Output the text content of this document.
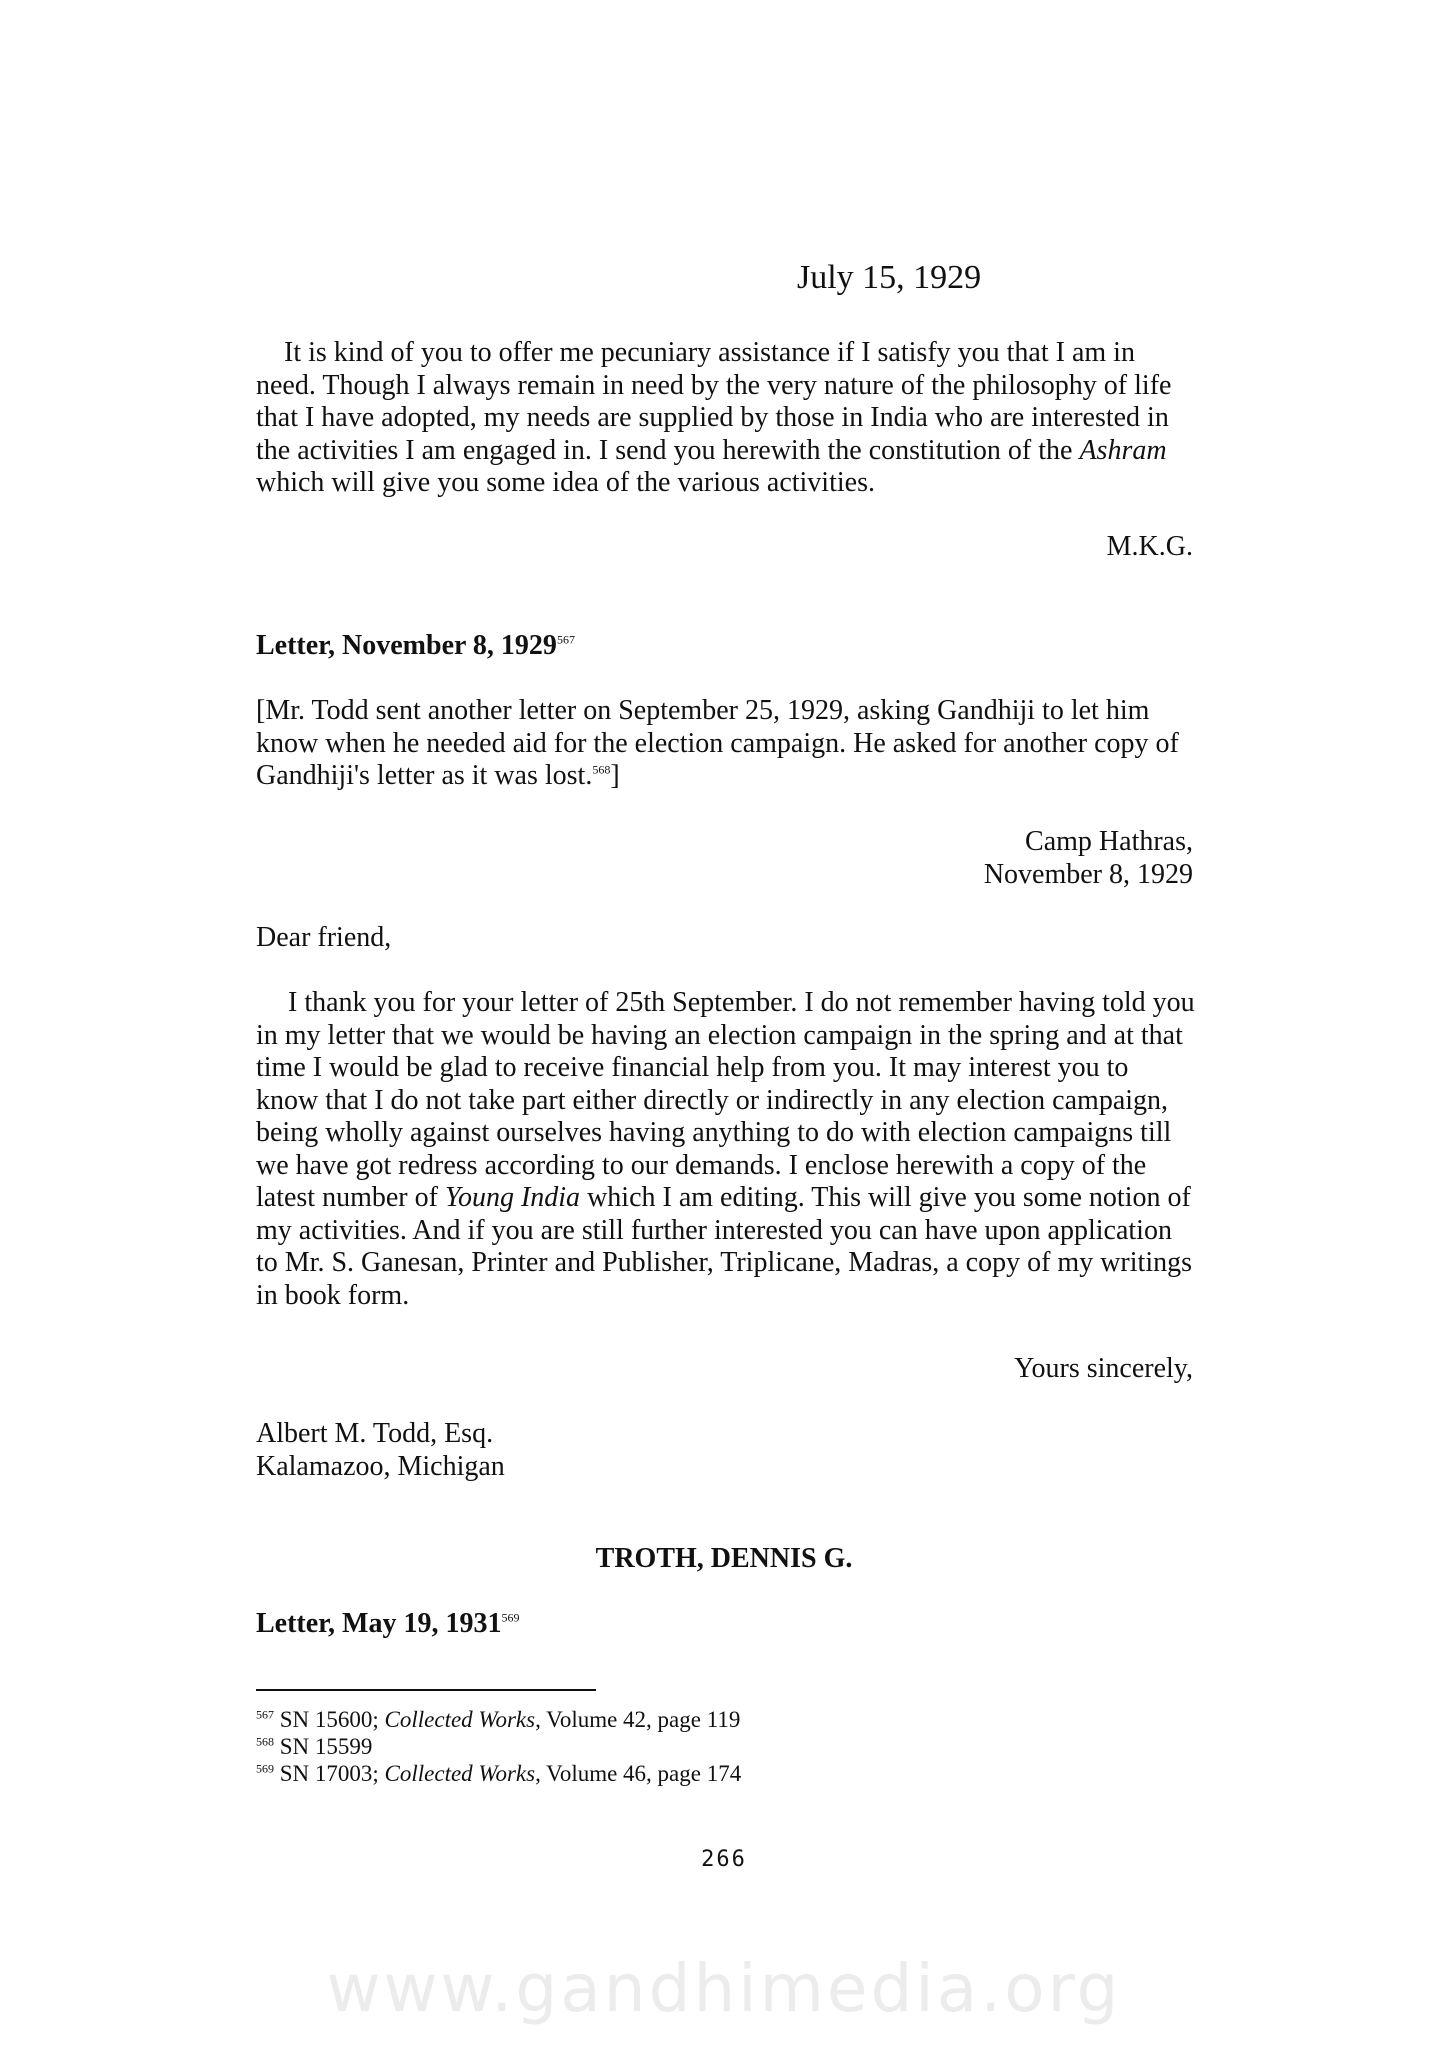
July 15, 1929
It is kind of you to offer me pecuniary assistance if I satisfy you that I am in need. Though I always remain in need by the very nature of the philosophy of life that I have adopted, my needs are supplied by those in India who are interested in the activities I am engaged in. I send you herewith the constitution of the Ashram which will give you some idea of the various activities.
M.K.G.
Letter, November 8, 1929$^{567}$
[Mr. Todd sent another letter on September 25, 1929, asking Gandhiji to let him know when he needed aid for the election campaign. He asked for another copy of Gandhiji's letter as it was lost.$^{568}$]
Camp Hathras,
November 8, 1929
Dear friend,
I thank you for your letter of 25th September. I do not remember having told you in my letter that we would be having an election campaign in the spring and at that time I would be glad to receive financial help from you. It may interest you to know that I do not take part either directly or indirectly in any election campaign, being wholly against ourselves having anything to do with election campaigns till we have got redress according to our demands. I enclose herewith a copy of the latest number of Young India which I am editing. This will give you some notion of my activities. And if you are still further interested you can have upon application to Mr. S. Ganesan, Printer and Publisher, Triplicane, Madras, a copy of my writings in book form.
Yours sincerely,
Albert M. Todd, Esq.
Kalamazoo, Michigan
TROTH, DENNIS G.
Letter, May 19, 1931$^{569}$
$^{567}$ SN 15600; Collected Works, Volume 42, page 119
$^{568}$ SN 15599
$^{569}$ SN 17003; Collected Works, Volume 46, page 174
266
www.gandhimedia.org
